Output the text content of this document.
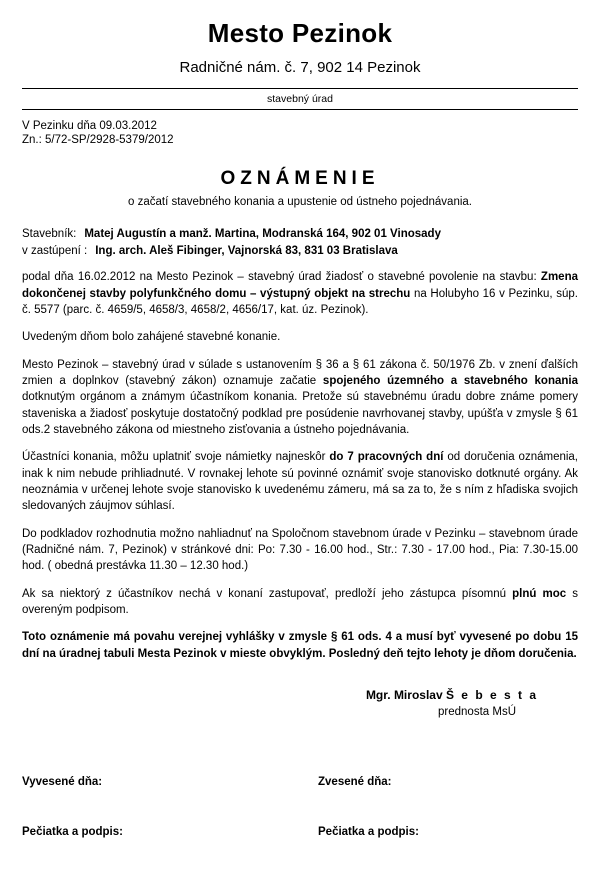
Mesto Pezinok
Radničné nám. č. 7, 902 14 Pezinok
stavebný úrad
V Pezinku dňa 09.03.2012
Zn.: 5/72-SP/2928-5379/2012
OZNÁMENIE
o začatí stavebného konania a upustenie od ústneho pojednávania.
Stavebník: Matej Augustín a manž. Martina, Modranská 164, 902 01 Vinosady
v zastúpení : Ing. arch. Aleš Fibinger, Vajnorská 83, 831 03 Bratislava

podal dňa 16.02.2012 na Mesto Pezinok – stavebný úrad žiadosť o stavebné povolenie na stavbu: Zmena dokončenej stavby polyfunkčného domu – výstupný objekt na strechu na Holubyho 16 v Pezinku, súp. č. 5577 (parc. č. 4659/5, 4658/3, 4658/2, 4656/17, kat. úz. Pezinok).

Uvedeným dňom bolo zahájené stavebné konanie.

Mesto Pezinok – stavebný úrad v súlade s ustanovením § 36 a § 61 zákona č. 50/1976 Zb. v znení ďalších zmien a doplnkov (stavebný zákon) oznamuje začatie spojeného územného a stavebného konania dotknutým orgánom a známym účastníkom konania. Pretože sú stavebnému úradu dobre známe pomery staveniska a žiadosť poskytuje dostatočný podklad pre posúdenie navrhovanej stavby, upúšťa v zmysle § 61 ods.2 stavebného zákona od miestneho zisťovania a ústneho pojednávania.

Účastníci konania, môžu uplatniť svoje námietky najneskôr do 7 pracovných dní od doručenia oznámenia, inak k nim nebude prihliadnuté. V rovnakej lehote sú povinné oznámiť svoje stanovisko dotknuté orgány. Ak neoznámia v určenej lehote svoje stanovisko k uvedenému zámeru, má sa za to, že s ním z hľadiska svojich sledovaných záujmov súhlasí.

Do podkladov rozhodnutia možno nahliadnuť na Spoločnom stavebnom úrade v Pezinku – stavebnom úrade (Radničné nám. 7, Pezinok) v stránkové dni: Po: 7.30 - 16.00 hod., Str.: 7.30 - 17.00 hod., Pia: 7.30-15.00 hod. ( obedná prestávka 11.30 – 12.30 hod.)

Ak sa niektorý z účastníkov nechá v konaní zastupovať, predloží jeho zástupca písomnú plnú moc s overeným podpisom.

Toto oznámenie má povahu verejnej vyhlášky v zmysle § 61 ods. 4 a musí byť vyvesené po dobu 15 dní na úradnej tabuli Mesta Pezinok v mieste obvyklým. Posledný deň tejto lehoty je dňom doručenia.

Mgr. Miroslav Š e b e s t a
prednosta MsÚ
Vyvesené dňa:
Pečiatka a podpis:
Zvesené dňa:
Pečiatka a podpis:
